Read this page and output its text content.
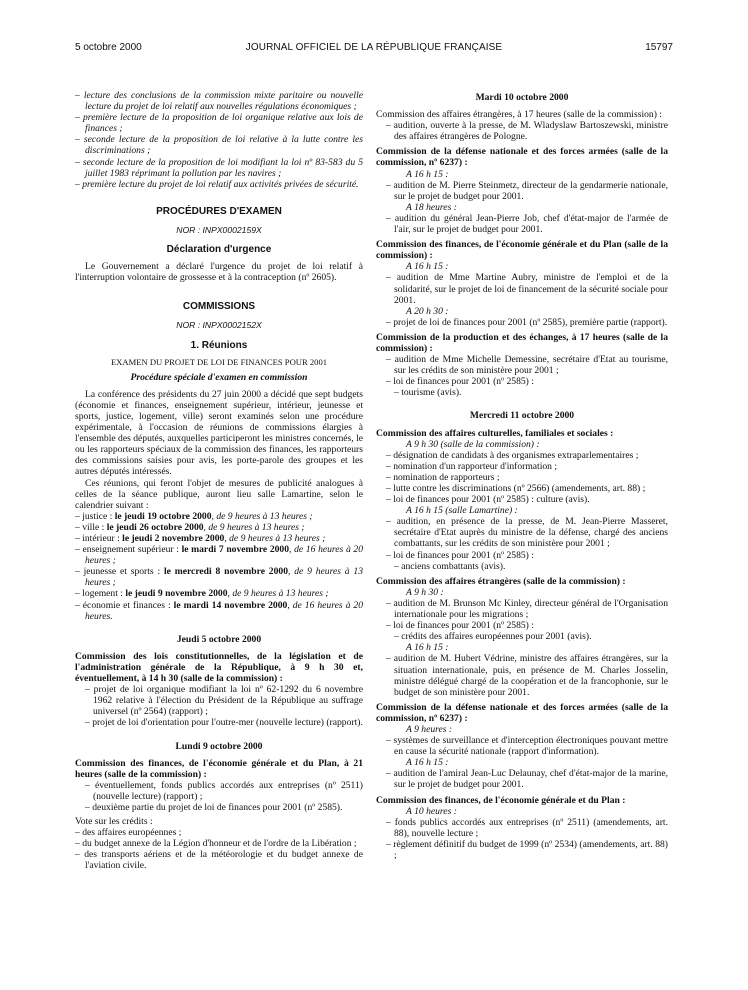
5 octobre 2000	JOURNAL OFFICIEL DE LA RÉPUBLIQUE FRANÇAISE	15797
– lecture des conclusions de la commission mixte paritaire ou nouvelle lecture du projet de loi relatif aux nouvelles régulations économiques ;
– première lecture de la proposition de loi organique relative aux lois de finances ;
– seconde lecture de la proposition de loi relative à la lutte contre les discriminations ;
– seconde lecture de la proposition de loi modifiant la loi nº 83-583 du 5 juillet 1983 réprimant la pollution par les navires ;
– première lecture du projet de loi relatif aux activités privées de sécurité.
PROCÉDURES D'EXAMEN
NOR : INPX0002159X
Déclaration d'urgence
Le Gouvernement a déclaré l'urgence du projet de loi relatif à l'interruption volontaire de grossesse et à la contraception (nº 2605).
COMMISSIONS
NOR : INPX0002152X
1. Réunions
EXAMEN DU PROJET DE LOI DE FINANCES POUR 2001
Procédure spéciale d'examen en commission
La conférence des présidents du 27 juin 2000 a décidé que sept budgets (économie et finances, enseignement supérieur, intérieur, jeunesse et sports, justice, logement, ville) seront examinés selon une procédure expérimentale, à l'occasion de réunions de commissions élargies à l'ensemble des députés, auxquelles participeront les ministres concernés, le ou les rapporteurs spéciaux de la commission des finances, les rapporteurs des commissions saisies pour avis, les porte-parole des groupes et les autres députés intéressés.
Ces réunions, qui feront l'objet de mesures de publicité analogues à celles de la séance publique, auront lieu salle Lamartine, selon le calendrier suivant :
– justice : le jeudi 19 octobre 2000, de 9 heures à 13 heures ;
– ville : le jeudi 26 octobre 2000, de 9 heures à 13 heures ;
– intérieur : le jeudi 2 novembre 2000, de 9 heures à 13 heures ;
– enseignement supérieur : le mardi 7 novembre 2000, de 16 heures à 20 heures ;
– jeunesse et sports : le mercredi 8 novembre 2000, de 9 heures à 13 heures ;
– logement : le jeudi 9 novembre 2000, de 9 heures à 13 heures ;
– économie et finances : le mardi 14 novembre 2000, de 16 heures à 20 heures.
Jeudi 5 octobre 2000
Commission des lois constitutionnelles, de la législation et de l'administration générale de la République, à 9 h 30 et, éventuellement, à 14 h 30 (salle de la commission) :
– projet de loi organique modifiant la loi nº 62-1292 du 6 novembre 1962 relative à l'élection du Président de la République au suffrage universel (nº 2564) (rapport) ;
– projet de loi d'orientation pour l'outre-mer (nouvelle lecture) (rapport).
Lundi 9 octobre 2000
Commission des finances, de l'économie générale et du Plan, à 21 heures (salle de la commission) :
– éventuellement, fonds publics accordés aux entreprises (nº 2511) (nouvelle lecture) (rapport) ;
– deuxième partie du projet de loi de finances pour 2001 (nº 2585).
Vote sur les crédits :
– des affaires européennes ;
– du budget annexe de la Légion d'honneur et de l'ordre de la Libération ;
– des transports aériens et de la météorologie et du budget annexe de l'aviation civile.
Mardi 10 octobre 2000
Commission des affaires étrangères, à 17 heures (salle de la commission) :
– audition, ouverte à la presse, de M. Wladyslaw Bartoszewski, ministre des affaires étrangères de Pologne.
Commission de la défense nationale et des forces armées (salle de la commission, nº 6237) :
A 16 h 15 :
– audition de M. Pierre Steinmetz, directeur de la gendarmerie nationale, sur le projet de budget pour 2001.
A 18 heures :
– audition du général Jean-Pierre Job, chef d'état-major de l'armée de l'air, sur le projet de budget pour 2001.
Commission des finances, de l'économie générale et du Plan (salle de la commission) :
A 16 h 15 :
– audition de Mme Martine Aubry, ministre de l'emploi et de la solidarité, sur le projet de loi de financement de la sécurité sociale pour 2001.
A 20 h 30 :
– projet de loi de finances pour 2001 (nº 2585), première partie (rapport).
Commission de la production et des échanges, à 17 heures (salle de la commission) :
– audition de Mme Michelle Demessine, secrétaire d'Etat au tourisme, sur les crédits de son ministère pour 2001 ;
– loi de finances pour 2001 (nº 2585) :
– tourisme (avis).
Mercredi 11 octobre 2000
Commission des affaires culturelles, familiales et sociales :
A 9 h 30 (salle de la commission) :
– désignation de candidats à des organismes extraparlementaires ;
– nomination d'un rapporteur d'information ;
– nomination de rapporteurs ;
– lutte contre les discriminations (nº 2566) (amendements, art. 88) ;
– loi de finances pour 2001 (nº 2585) : culture (avis).
A 16 h 15 (salle Lamartine) :
– audition, en présence de la presse, de M. Jean-Pierre Masseret, secrétaire d'Etat auprès du ministre de la défense, chargé des anciens combattants, sur les crédits de son ministère pour 2001 ;
– loi de finances pour 2001 (nº 2585) :
– anciens combattants (avis).
Commission des affaires étrangères (salle de la commission) :
A 9 h 30 :
– audition de M. Brunson Mc Kinley, directeur général de l'Organisation internationale pour les migrations ;
– loi de finances pour 2001 (nº 2585) :
– crédits des affaires européennes pour 2001 (avis).
A 16 h 15 :
– audition de M. Hubert Védrine, ministre des affaires étrangères, sur la situation internationale, puis, en présence de M. Charles Josselin, ministre délégué chargé de la coopération et de la francophonie, sur le budget de son ministère pour 2001.
Commission de la défense nationale et des forces armées (salle de la commission, nº 6237) :
A 9 heures :
– systèmes de surveillance et d'interception électroniques pouvant mettre en cause la sécurité nationale (rapport d'information).
A 16 h 15 :
– audition de l'amiral Jean-Luc Delaunay, chef d'état-major de la marine, sur le projet de budget pour 2001.
Commission des finances, de l'économie générale et du Plan :
A 10 heures :
– fonds publics accordés aux entreprises (nº 2511) (amendements, art. 88), nouvelle lecture ;
– règlement définitif du budget de 1999 (nº 2534) (amendements, art. 88) ;
